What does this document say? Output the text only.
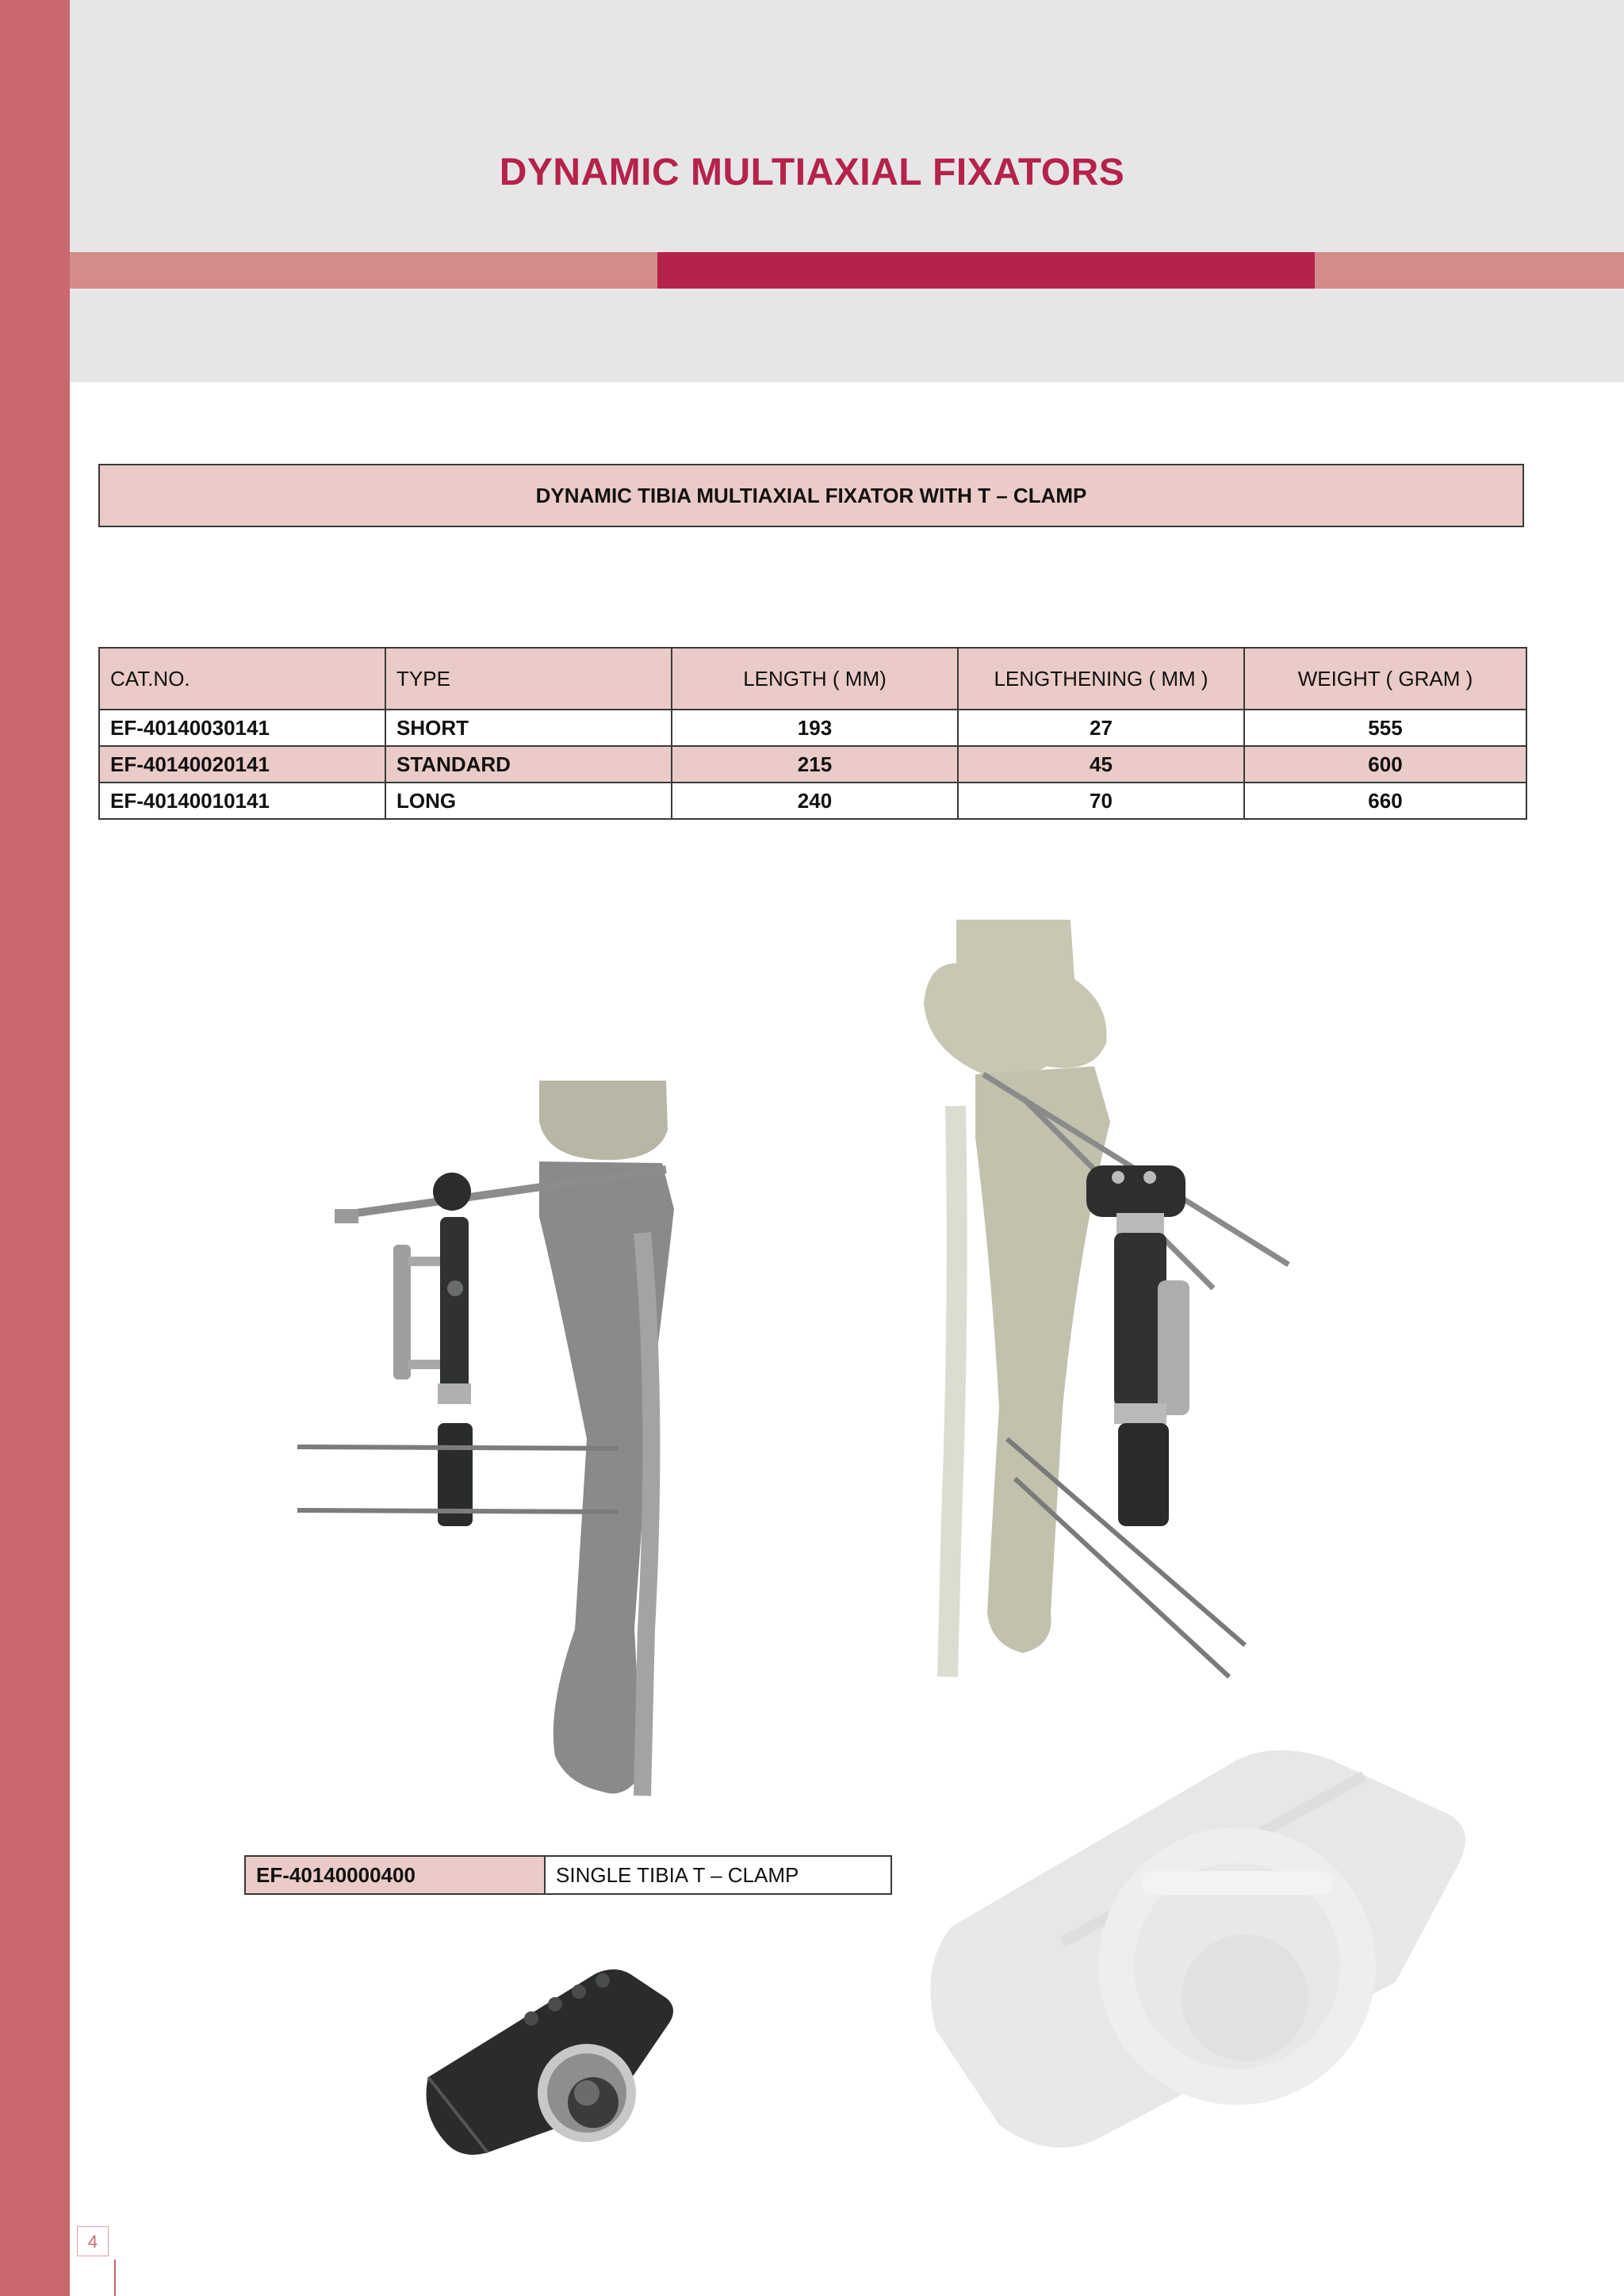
DYNAMIC MULTIAXIAL FIXATORS
DYNAMIC TIBIA MULTIAXIAL FIXATOR WITH T – CLAMP
CAT.NO.	TYPE	LENGTH ( MM)	LENGTHENING ( MM )	WEIGHT ( GRAM )
EF-40140030141	SHORT	193	27	555
EF-40140020141	STANDARD	215	45	600
EF-40140010141	LONG	240	70	660
EF-40140000400	SINGLE TIBIA T – CLAMP
4
